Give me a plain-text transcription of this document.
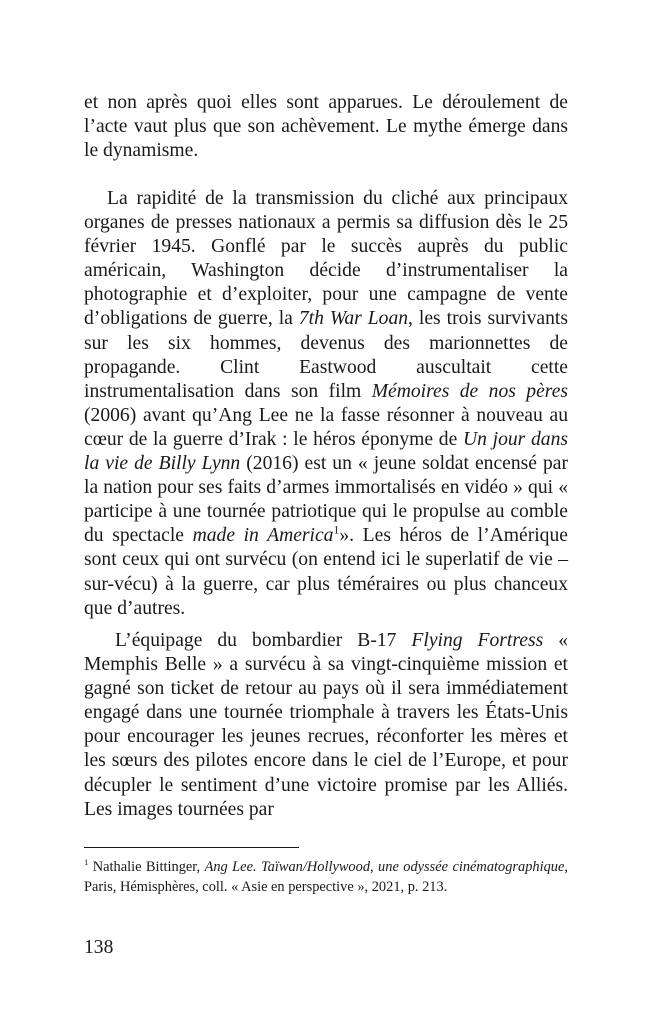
et non après quoi elles sont apparues. Le déroulement de l’acte vaut plus que son achèvement. Le mythe émerge dans le dynamisme.

La rapidité de la transmission du cliché aux principaux organes de presses nationaux a permis sa diffusion dès le 25 février 1945. Gonflé par le succès auprès du public américain, Washington décide d’instrumentaliser la photographie et d’exploiter, pour une campagne de vente d’obligations de guerre, la 7th War Loan, les trois survivants sur les six hommes, devenus des marionnettes de propagande. Clint Eastwood auscultait cette instrumentalisation dans son film Mémoires de nos pères (2006) avant qu’Ang Lee ne la fasse résonner à nouveau au cœur de la guerre d’Irak : le héros éponyme de Un jour dans la vie de Billy Lynn (2016) est un « jeune soldat encensé par la nation pour ses faits d’armes immortalisés en vidéo » qui « participe à une tournée patriotique qui le propulse au comble du spectacle made in America$^1$». Les héros de l’Amérique sont ceux qui ont survécu (on entend ici le superlatif de vie – sur-vécu) à la guerre, car plus téméraires ou plus chanceux que d’autres.

L’équipage du bombardier B-17 Flying Fortress « Memphis Belle » a survécu à sa vingt-cinquième mission et gagné son ticket de retour au pays où il sera immédiatement engagé dans une tournée triomphale à travers les États-Unis pour encourager les jeunes recrues, réconforter les mères et les sœurs des pilotes encore dans le ciel de l’Europe, et pour décupler le sentiment d’une victoire promise par les Alliés. Les images tournées par

$^1$ Nathalie Bittinger, Ang Lee. Taïwan/Hollywood, une odyssée cinématographique, Paris, Hémisphères, coll. « Asie en perspective », 2021, p. 213.

138
